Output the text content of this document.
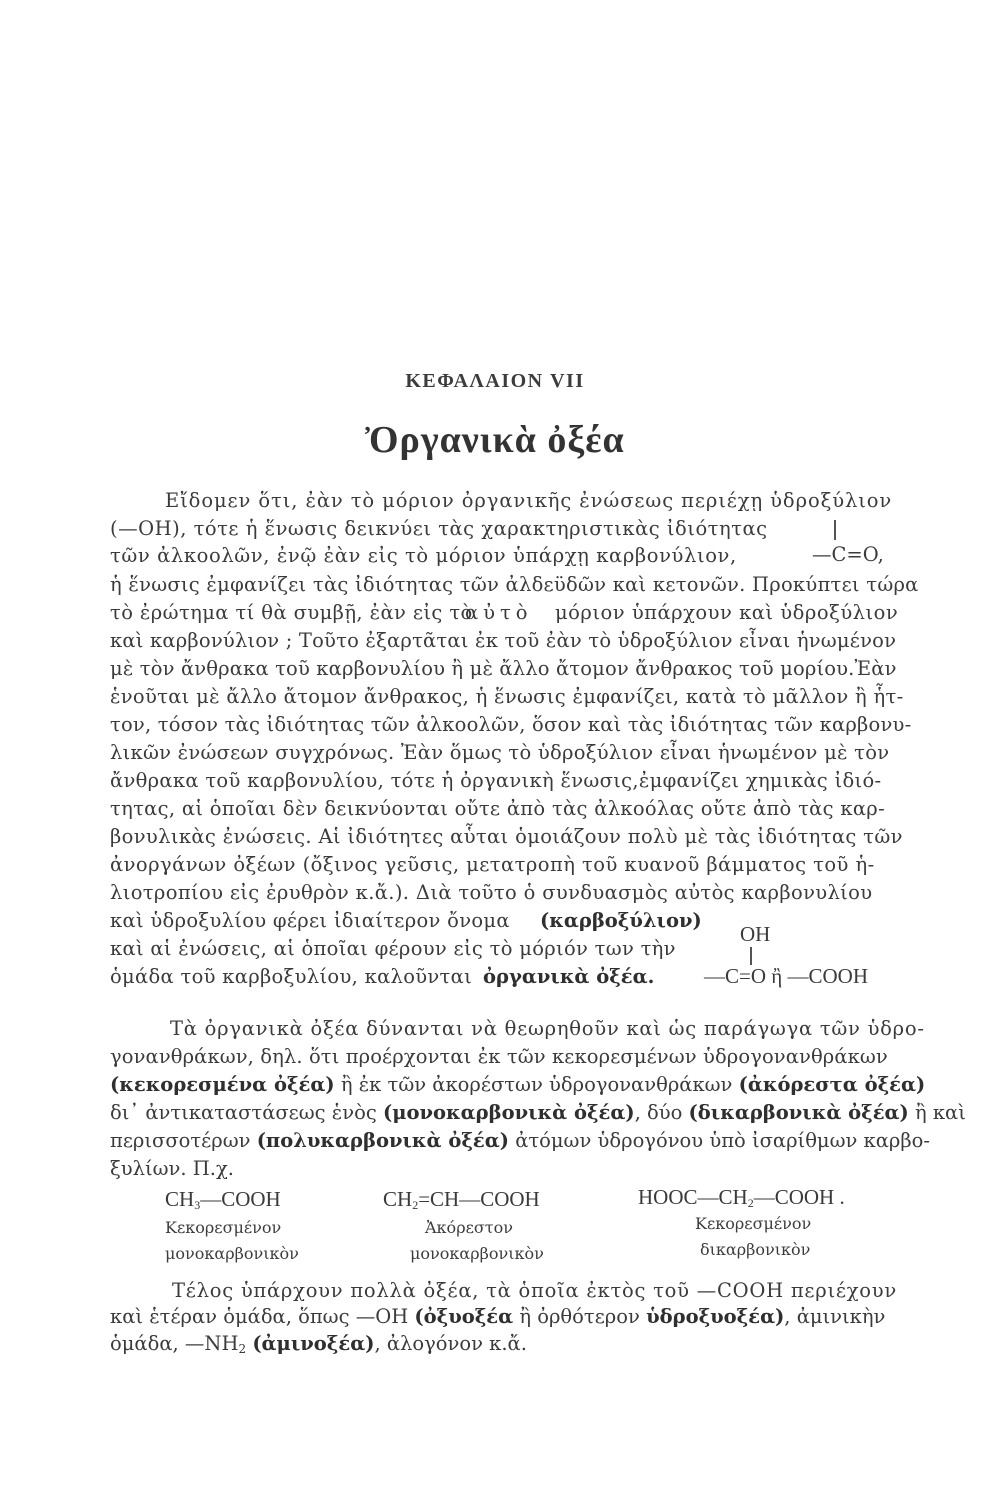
ΚΕΦΑΛΑΙΟΝ VII
Ὀργανικὰ ὀξέα
Εἴδομεν ὅτι, ἐὰν τὸ μόριον ὀργανικῆς ἐνώσεως περιέχῃ ὑδροξύλιον
(—OH), τότε ἡ ἕνωσις δεικνύει τὰς χαρακτηριστικὰς ἰδιότητας
τῶν ἀλκοολῶν, ἐνῷ ἐὰν εἰς τὸ μόριον ὑπάρχῃ καρβονύλιον,
ἡ ἕνωσις ἐμφανίζει τὰς ἰδιότητας τῶν ἀλδεϋδῶν καὶ κετονῶν. Προκύπτει τώρα
τὸ ἐρώτημα τί θὰ συμβῇ, ἐὰν εἰς τὸ
αὐτὸ μόριον ὑπάρχουν καὶ ὑδροξύλιον
καὶ καρβονύλιον ; Τοῦτο ἐξαρτᾶται ἐκ τοῦ ἐὰν τὸ ὑδροξύλιον εἶναι ἡνωμένον
μὲ τὸν ἄνθρακα τοῦ καρβονυλίου ἢ μὲ ἄλλο ἄτομον ἄνθρακος τοῦ μορίου.Ἐὰν
ἑνοῦται μὲ ἄλλο ἄτομον ἄνθρακος, ἡ ἕνωσις ἐμφανίζει, κατὰ τὸ μᾶλλον ἢ ἧτ-
τον, τόσον τὰς ἰδιότητας τῶν ἀλκοολῶν, ὅσον καὶ τὰς ἰδιότητας τῶν καρβονυ-
λικῶν ἐνώσεων συγχρόνως. Ἐὰν ὅμως τὸ ὑδροξύλιον εἶναι ἡνωμένον μὲ τὸν
ἄνθρακα τοῦ καρβονυλίου, τότε ἡ ὀργανικὴ ἕνωσις,ἐμφανίζει χημικὰς ἰδιό-
τητας, αἱ ὁποῖαι δὲν δεικνύονται οὔτε ἀπὸ τὰς ἀλκοόλας οὔτε ἀπὸ τὰς καρ-
βονυλικὰς ἐνώσεις. Αἱ ἰδιότητες αὗται ὁμοιάζουν πολὺ μὲ τὰς ἰδιότητας τῶν
ἀνοργάνων ὀξέων (ὄξινος γεῦσις, μετατροπὴ τοῦ κυανοῦ βάμματος τοῦ ἡ-
λιοτροπίου εἰς ἐρυθρὸν κ.ἄ.). Διὰ τοῦτο ὁ συνδυασμὸς αὐτὸς καρβονυλίου
καὶ ὑδροξυλίου φέρει ἰδιαίτερον ὄνομα	(καρβοξύλιον)
καὶ αἱ ἐνώσεις, αἱ ὁποῖαι φέρουν εἰς τὸ μόριόν των τὴν
ὁμάδα τοῦ καρβοξυλίου, καλοῦνται ὀργανικὰ ὀξέα.
—C=O,
OH
—C=O ἢ —COOH
Τὰ ὀργανικὰ ὀξέα δύνανται νὰ θεωρηθοῦν καὶ ὡς παράγωγα τῶν ὑδρο-
γονανθράκων, δηλ. ὅτι προέρχονται ἐκ τῶν κεκορεσμένων ὑδρογονανθράκων
(κεκορεσμένα ὀξέα) ἢ ἐκ τῶν ἀκορέστων ὑδρογονανθράκων (ἀκόρεστα ὀξέα)
δι᾽ ἀντικαταστάσεως ἑνὸς (μονοκαρβονικὰ ὀξέα), δύο (δικαρβονικὰ ὀξέα) ἢ καὶ
περισσοτέρων (πολυκαρβονικὰ ὀξέα) ἀτόμων ὑδρογόνου ὑπὸ ἰσαρίθμων καρβο-
ξυλίων. Π.χ.
$CH_3—COOH$
Κεκορεσμένον
μονοκαρβονικὸν
$CH_2=CH—COOH$
Ἀκόρεστον
μονοκαρβονικὸν
$HOOC—CH_2—COOH$ .
Κεκορεσμένον
δικαρβονικὸν
Τέλος ὑπάρχουν πολλὰ ὀξέα, τὰ ὁποῖα ἐκτὸς τοῦ —COOH περιέχουν
καὶ ἑτέραν ὁμάδα, ὅπως —OH (ὀξυοξέα ἢ ὀρθότερον ὑδροξυοξέα), ἀμινικὴν
ὁμάδα, $—NH_2$ (ἀμινοξέα), ἀλογόνον κ.ἄ.
